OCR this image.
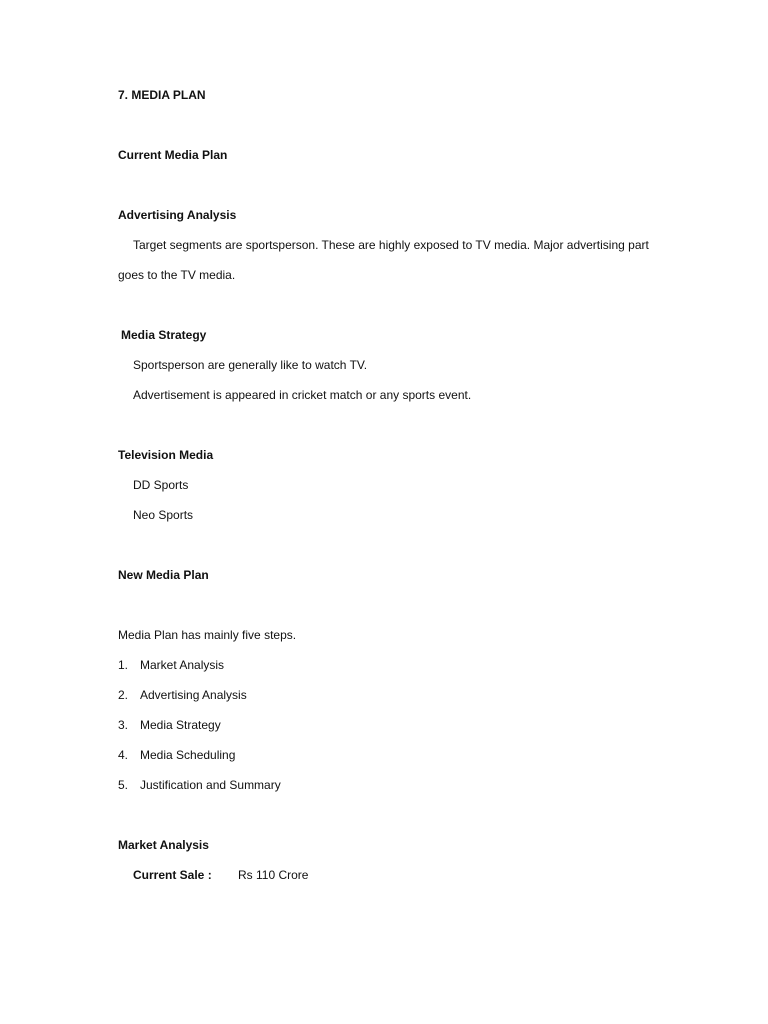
7. MEDIA PLAN
Current Media Plan
Advertising Analysis
Target segments are sportsperson. These are highly exposed to TV media. Major advertising part
goes to the TV media.
Media Strategy
Sportsperson are generally like to watch TV.
Advertisement is appeared in cricket match or any sports event.
Television Media
DD Sports
Neo Sports
New Media Plan
Media Plan has mainly five steps.
1. Market Analysis
2. Advertising Analysis
3. Media Strategy
4. Media Scheduling
5. Justification and Summary
Market Analysis
Current Sale : Rs 110 Crore
